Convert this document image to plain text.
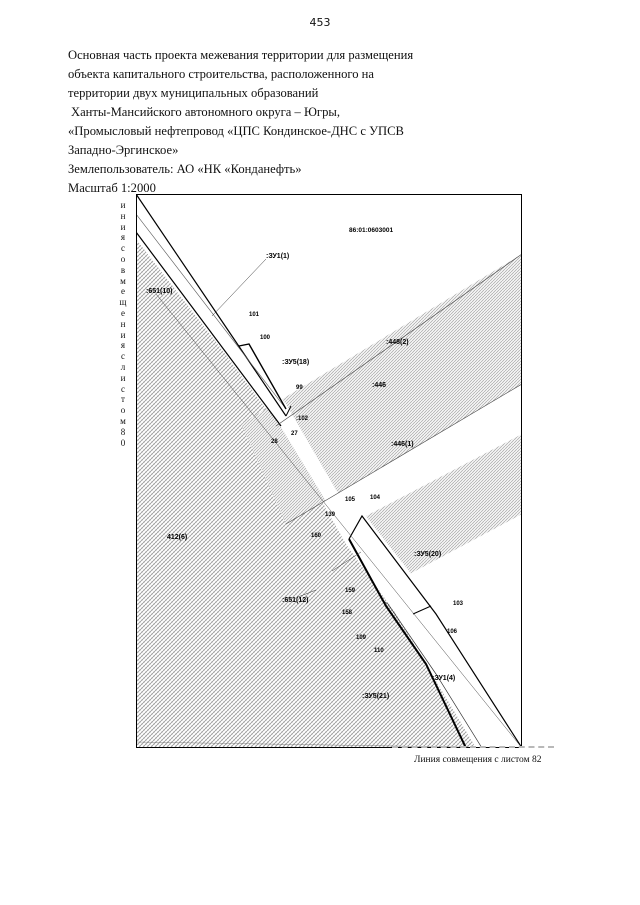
453
Основная часть проекта межевания территории для размещения
объекта капитального строительства, расположенного на
территории двух муниципальных образований
Ханты-Мансийского автономного округа – Югры,
«Промысловый нефтепровод «ЦПС Кондинское-ДНС с УПСВ
Западно-Эргинское»
Землепользователь: АО «НК «Конданефть»
Масштаб 1:2000
и
н
и
я
с
о
в
м
е
щ
е
н
и
я
с
л
и
с
т
о
м
8
0
86:01:0603001
:ЗУ1(1)
:651(10)
101
100
:ЗУ5(18)
:448(2)
99	:446
:102
27
28	:446(1)
105 104
139
412(6)	160
:ЗУ5(20)
159
:651(12)	103
158
106
109
110
:ЗУ1(4)
:ЗУ5(21)
Линия совмещения с листом 82
